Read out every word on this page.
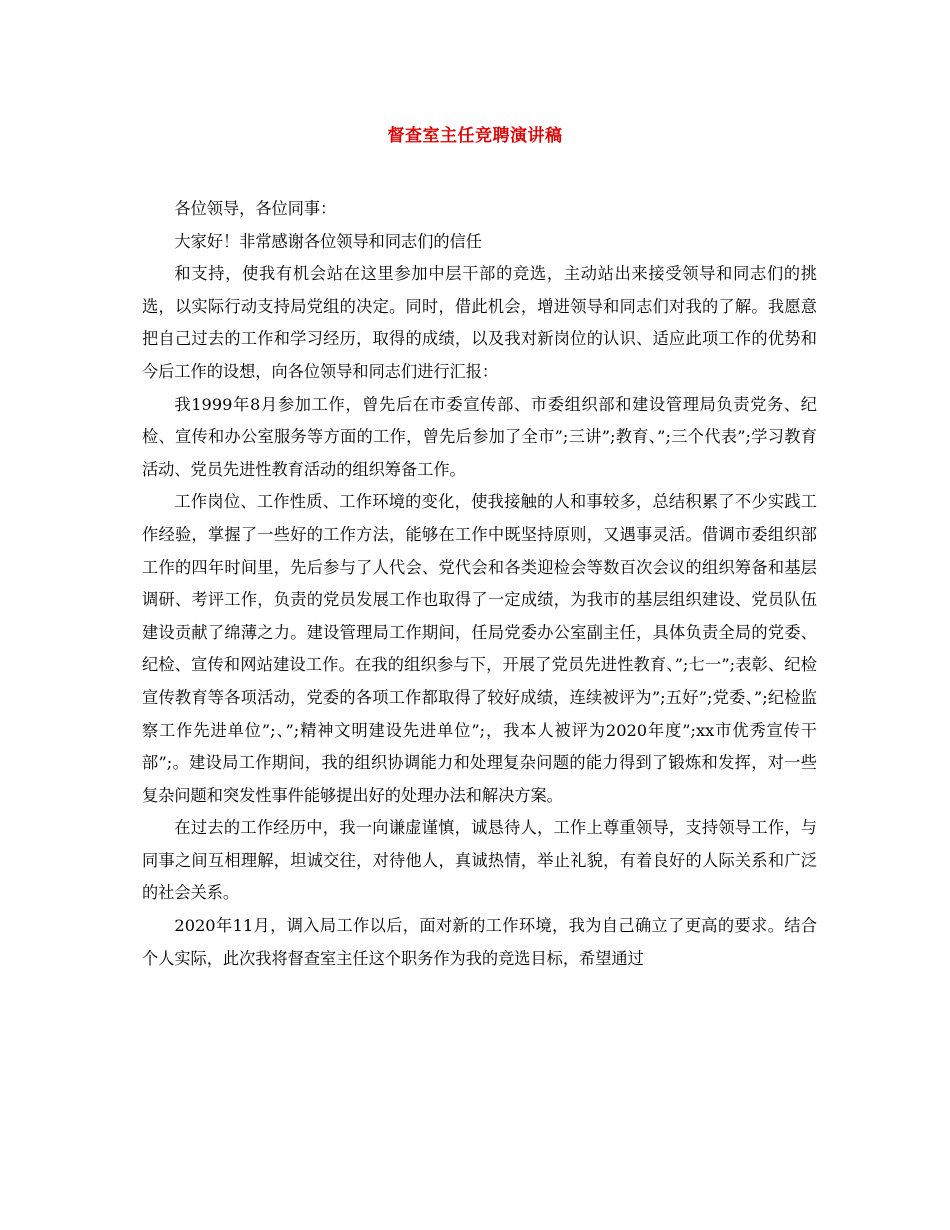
督查室主任竞聘演讲稿

各位领导，各位同事：

大家好！非常感谢各位领导和同志们的信任

和支持，使我有机会站在这里参加中层干部的竞选，主动站出来接受领导和同志们的挑选，以实际行动支持局党组的决定。同时，借此机会，增进领导和同志们对我的了解。我愿意把自己过去的工作和学习经历，取得的成绩，以及我对新岗位的认识、适应此项工作的优势和今后工作的设想，向各位领导和同志们进行汇报：

我1999年8月参加工作，曾先后在市委宣传部、市委组织部和建设管理局负责党务、纪检、宣传和办公室服务等方面的工作，曾先后参加了全市”;三讲”;教育、”;三个代表”;学习教育活动、党员先进性教育活动的组织筹备工作。

工作岗位、工作性质、工作环境的变化，使我接触的人和事较多，总结积累了不少实践工作经验，掌握了一些好的工作方法，能够在工作中既坚持原则，又遇事灵活。借调市委组织部工作的四年时间里，先后参与了人代会、党代会和各类迎检会等数百次会议的组织筹备和基层调研、考评工作，负责的党员发展工作也取得了一定成绩，为我市的基层组织建设、党员队伍建设贡献了绵薄之力。建设管理局工作期间，任局党委办公室副主任，具体负责全局的党委、纪检、宣传和网站建设工作。在我的组织参与下，开展了党员先进性教育、”;七一”;表彰、纪检宣传教育等各项活动，党委的各项工作都取得了较好成绩，连续被评为”;五好”;党委、”;纪检监察工作先进单位”;、”;精神文明建设先进单位”;，我本人被评为2020年度”;xx市优秀宣传干部”;。建设局工作期间，我的组织协调能力和处理复杂问题的能力得到了锻炼和发挥，对一些复杂问题和突发性事件能够提出好的处理办法和解决方案。

在过去的工作经历中，我一向谦虚谨慎，诚恳待人，工作上尊重领导，支持领导工作，与同事之间互相理解，坦诚交往，对待他人，真诚热情，举止礼貌，有着良好的人际关系和广泛的社会关系。

2020年11月，调入局工作以后，面对新的工作环境，我为自己确立了更高的要求。结合个人实际，此次我将督查室主任这个职务作为我的竞选目标，希望通过
